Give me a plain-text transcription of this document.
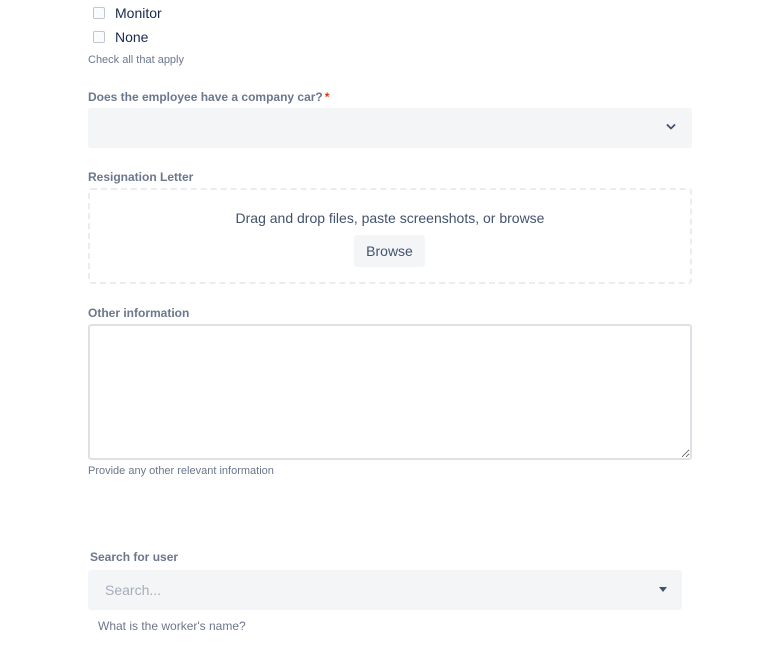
Monitor
None
Check all that apply
Does the employee have a company car? *
Resignation Letter
Drag and drop files, paste screenshots, or browse
Browse
Other information
Provide any other relevant information
Search for user
Search...
What is the worker's name?
